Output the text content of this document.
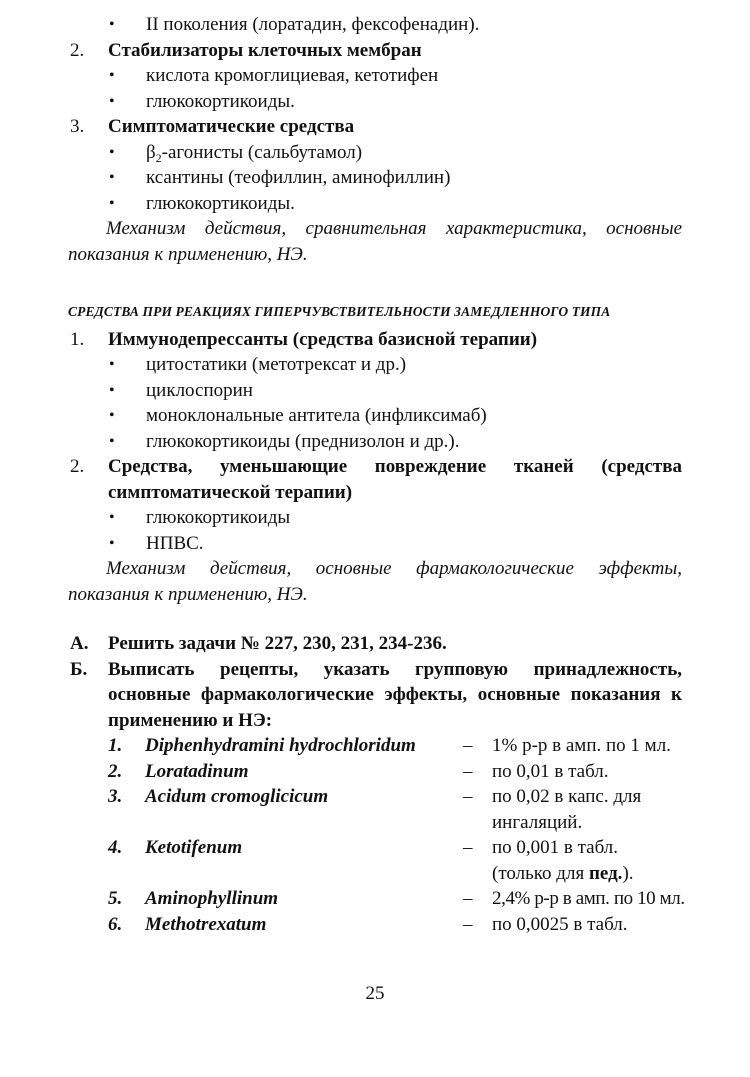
• II поколения (лоратадин, фексофенадин).
2. Стабилизаторы клеточных мембран
• кислота кромоглициевая, кетотифен
• глюкокортикоиды.
3. Симптоматические средства
• $\beta_2$-агонисты (сальбутамол)
• ксантины (теофиллин, аминофиллин)
• глюкокортикоиды.

Механизм действия, сравнительная характеристика, основные показания к применению, НЭ.

СРЕДСТВА ПРИ РЕАКЦИЯХ ГИПЕРЧУВСТВИТЕЛЬНОСТИ ЗАМЕДЛЕННОГО ТИПА
1. Иммунодепрессанты (средства базисной терапии)
• цитостатики (метотрексат и др.)
• циклоспорин
• моноклональные антитела (инфликсимаб)
• глюкокортикоиды (преднизолон и др.).
2. Средства, уменьшающие повреждение тканей (средства симптоматической терапии)
• глюкокортикоиды
• НПВС.

Механизм действия, основные фармакологические эффекты, показания к применению, НЭ.

А. Решить задачи № 227, 230, 231, 234-236.
Б. Выписать рецепты, указать групповую принадлежность, основные фармакологические эффекты, основные показания к применению и НЭ:
1. Diphenhydramini hydrochloridum – 1% р-р в амп. по 1 мл.
2. Loratadinum	– по 0,01 в табл.
3. Acidum cromoglicicum	– по 0,02 в капс. для
ингаляций.
4. Ketotifenum	– по 0,001 в табл.
(только для пед.).
5. Aminophyllinum	– 2,4% р-р в амп. по 10 мл.
6. Methotrexatum	– по 0,0025 в табл.
25
